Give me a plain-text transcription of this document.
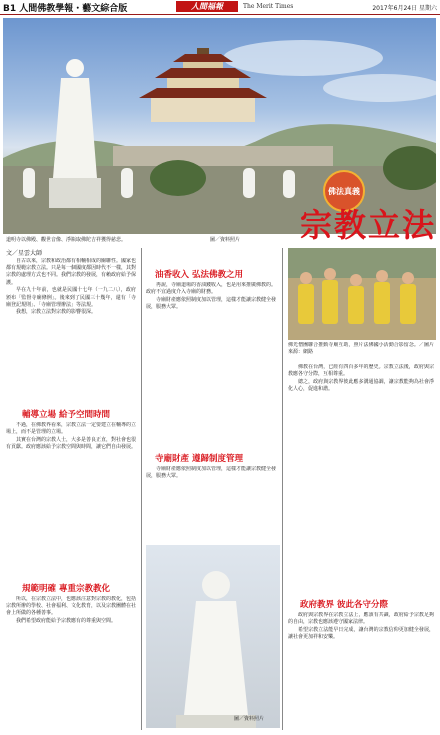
B1 人間佛教學報・藝文綜合版	人間福報	The Merit Times	2017年6月24日 星期六
佛法真義
宗教立法
道明寺以佛殿、觀世音像、淨瓶取佛陀吉祥獲得慈悲。	圖／資料照片
文／星雲大師

自古以來，宗教和政治都有相輔相成的關聯性。國家也都有規範宗教立法。只是每一個國度都因時代不一樣，其對宗教的處理方式也不同。我們宗教的發展，有賴政府給予保護。

早在九十年前，也就是民國十七年（一九二八），政府頒布「監督寺廟條例」。後來到了民國三十幾年，還有「寺廟登記規則」、「寺廟管理辦法」等法規。

我想，宗教立法對宗教的影響很深。

輔導立場 給予空間時間

不過，在佛教界看來，宗教立法一定要建立在輔導的立場上，而不是管理的立場。

其實在台灣的宗教人士，大多是善良正直，對社會也很有貢獻。政府應該給予宗教空間與時間，讓它們自由發展。

規範明確 專重宗教教化

所以，在宗教立法中，也應該注意對宗教的教化，包括宗教所辦的學校、社會福利、文化教育，以及宗教團體在社會上所做的各種善事。

我們希望政府能給予宗教應有的尊重與空間。

油香收入 弘法佛教之用

再說，寺廟道場的香油錢收入，也是用來推廣佛教的。政府不宜過度介入寺廟的財務。

寺廟財產應依照制度加以管理，這樣才能讓宗教健全發展，服務大眾。

寺廟財產 遵歸制度管理

寺廟財產應依照制度加以管理，這樣才能讓宗教健全發展，服務大眾。

圖／資料照片
佛光僧團聯合推動寺廟互助，照片法佛國小活動合影留念。／圖片來源：網路

佛教在台灣，已經有四百多年的歷史。宗教立法後，政府與宗教應各守分際，互相尊重。

總之，政府與宗教界彼此應多溝通協調，讓宗教能夠為社會淨化人心，促進和諧。

政府教界 彼此各守分際

政府與宗教界在宗教立法上，應該有共識，政府給予宗教足夠的自由，宗教也應該遵守國家法律。

希望宗教立法能早日完成，讓台灣的宗教信仰更加健全發展，讓社會更加祥和安樂。
